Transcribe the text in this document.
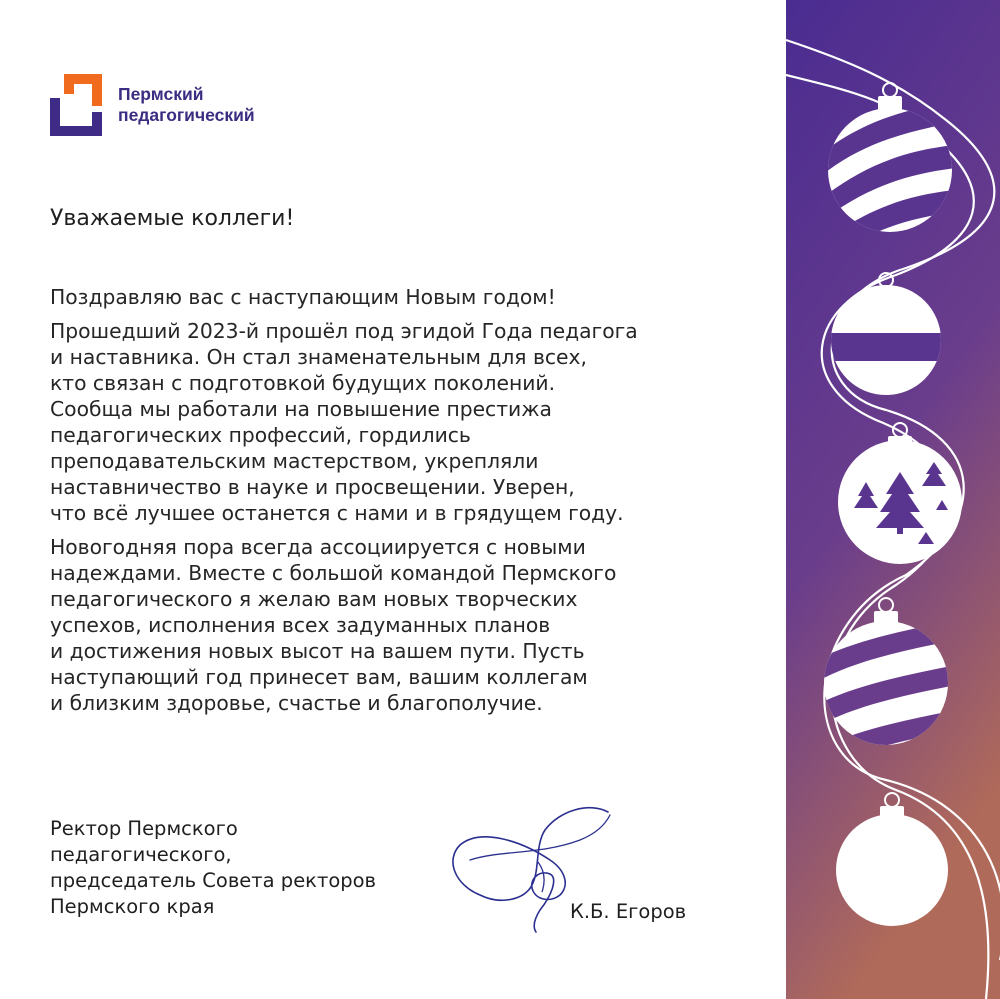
Пермский
педагогический
Уважаемые коллеги!

Поздравляю вас с наступающим Новым годом!

Прошедший 2023-й прошёл под эгидой Года педагога
и наставника. Он стал знаменательным для всех,
кто связан с подготовкой будущих поколений.
Сообща мы работали на повышение престижа
педагогических профессий, гордились
преподавательским мастерством, укрепляли
наставничество в науке и просвещении. Уверен,
что всё лучшее останется с нами и в грядущем году.

Новогодняя пора всегда ассоциируется с новыми
надеждами. Вместе с большой командой Пермского
педагогического я желаю вам новых творческих
успехов, исполнения всех задуманных планов
и достижения новых высот на вашем пути. Пусть
наступающий год принесет вам, вашим коллегам
и близким здоровье, счастье и благополучие.

Ректор Пермского
педагогического,
председатель Совета ректоров
Пермского края	К.Б. Егоров
